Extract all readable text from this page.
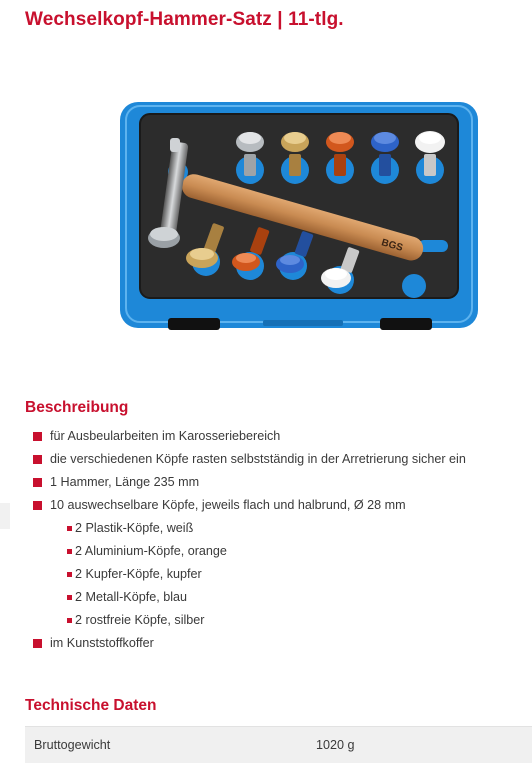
Wechselkopf-Hammer-Satz | 11-tlg.
BGS
Beschreibung
für Ausbeularbeiten im Karosseriebereich
die verschiedenen Köpfe rasten selbstständig in der Arretrierung sicher ein
1 Hammer, Länge 235 mm
10 auswechselbare Köpfe, jeweils flach und halbrund, Ø 28 mm
2 Plastik-Köpfe, weiß
2 Aluminium-Köpfe, orange
2 Kupfer-Köpfe, kupfer
2 Metall-Köpfe, blau
2 rostfreie Köpfe, silber
im Kunststoffkoffer
Technische Daten
Bruttogewicht	1020 g
